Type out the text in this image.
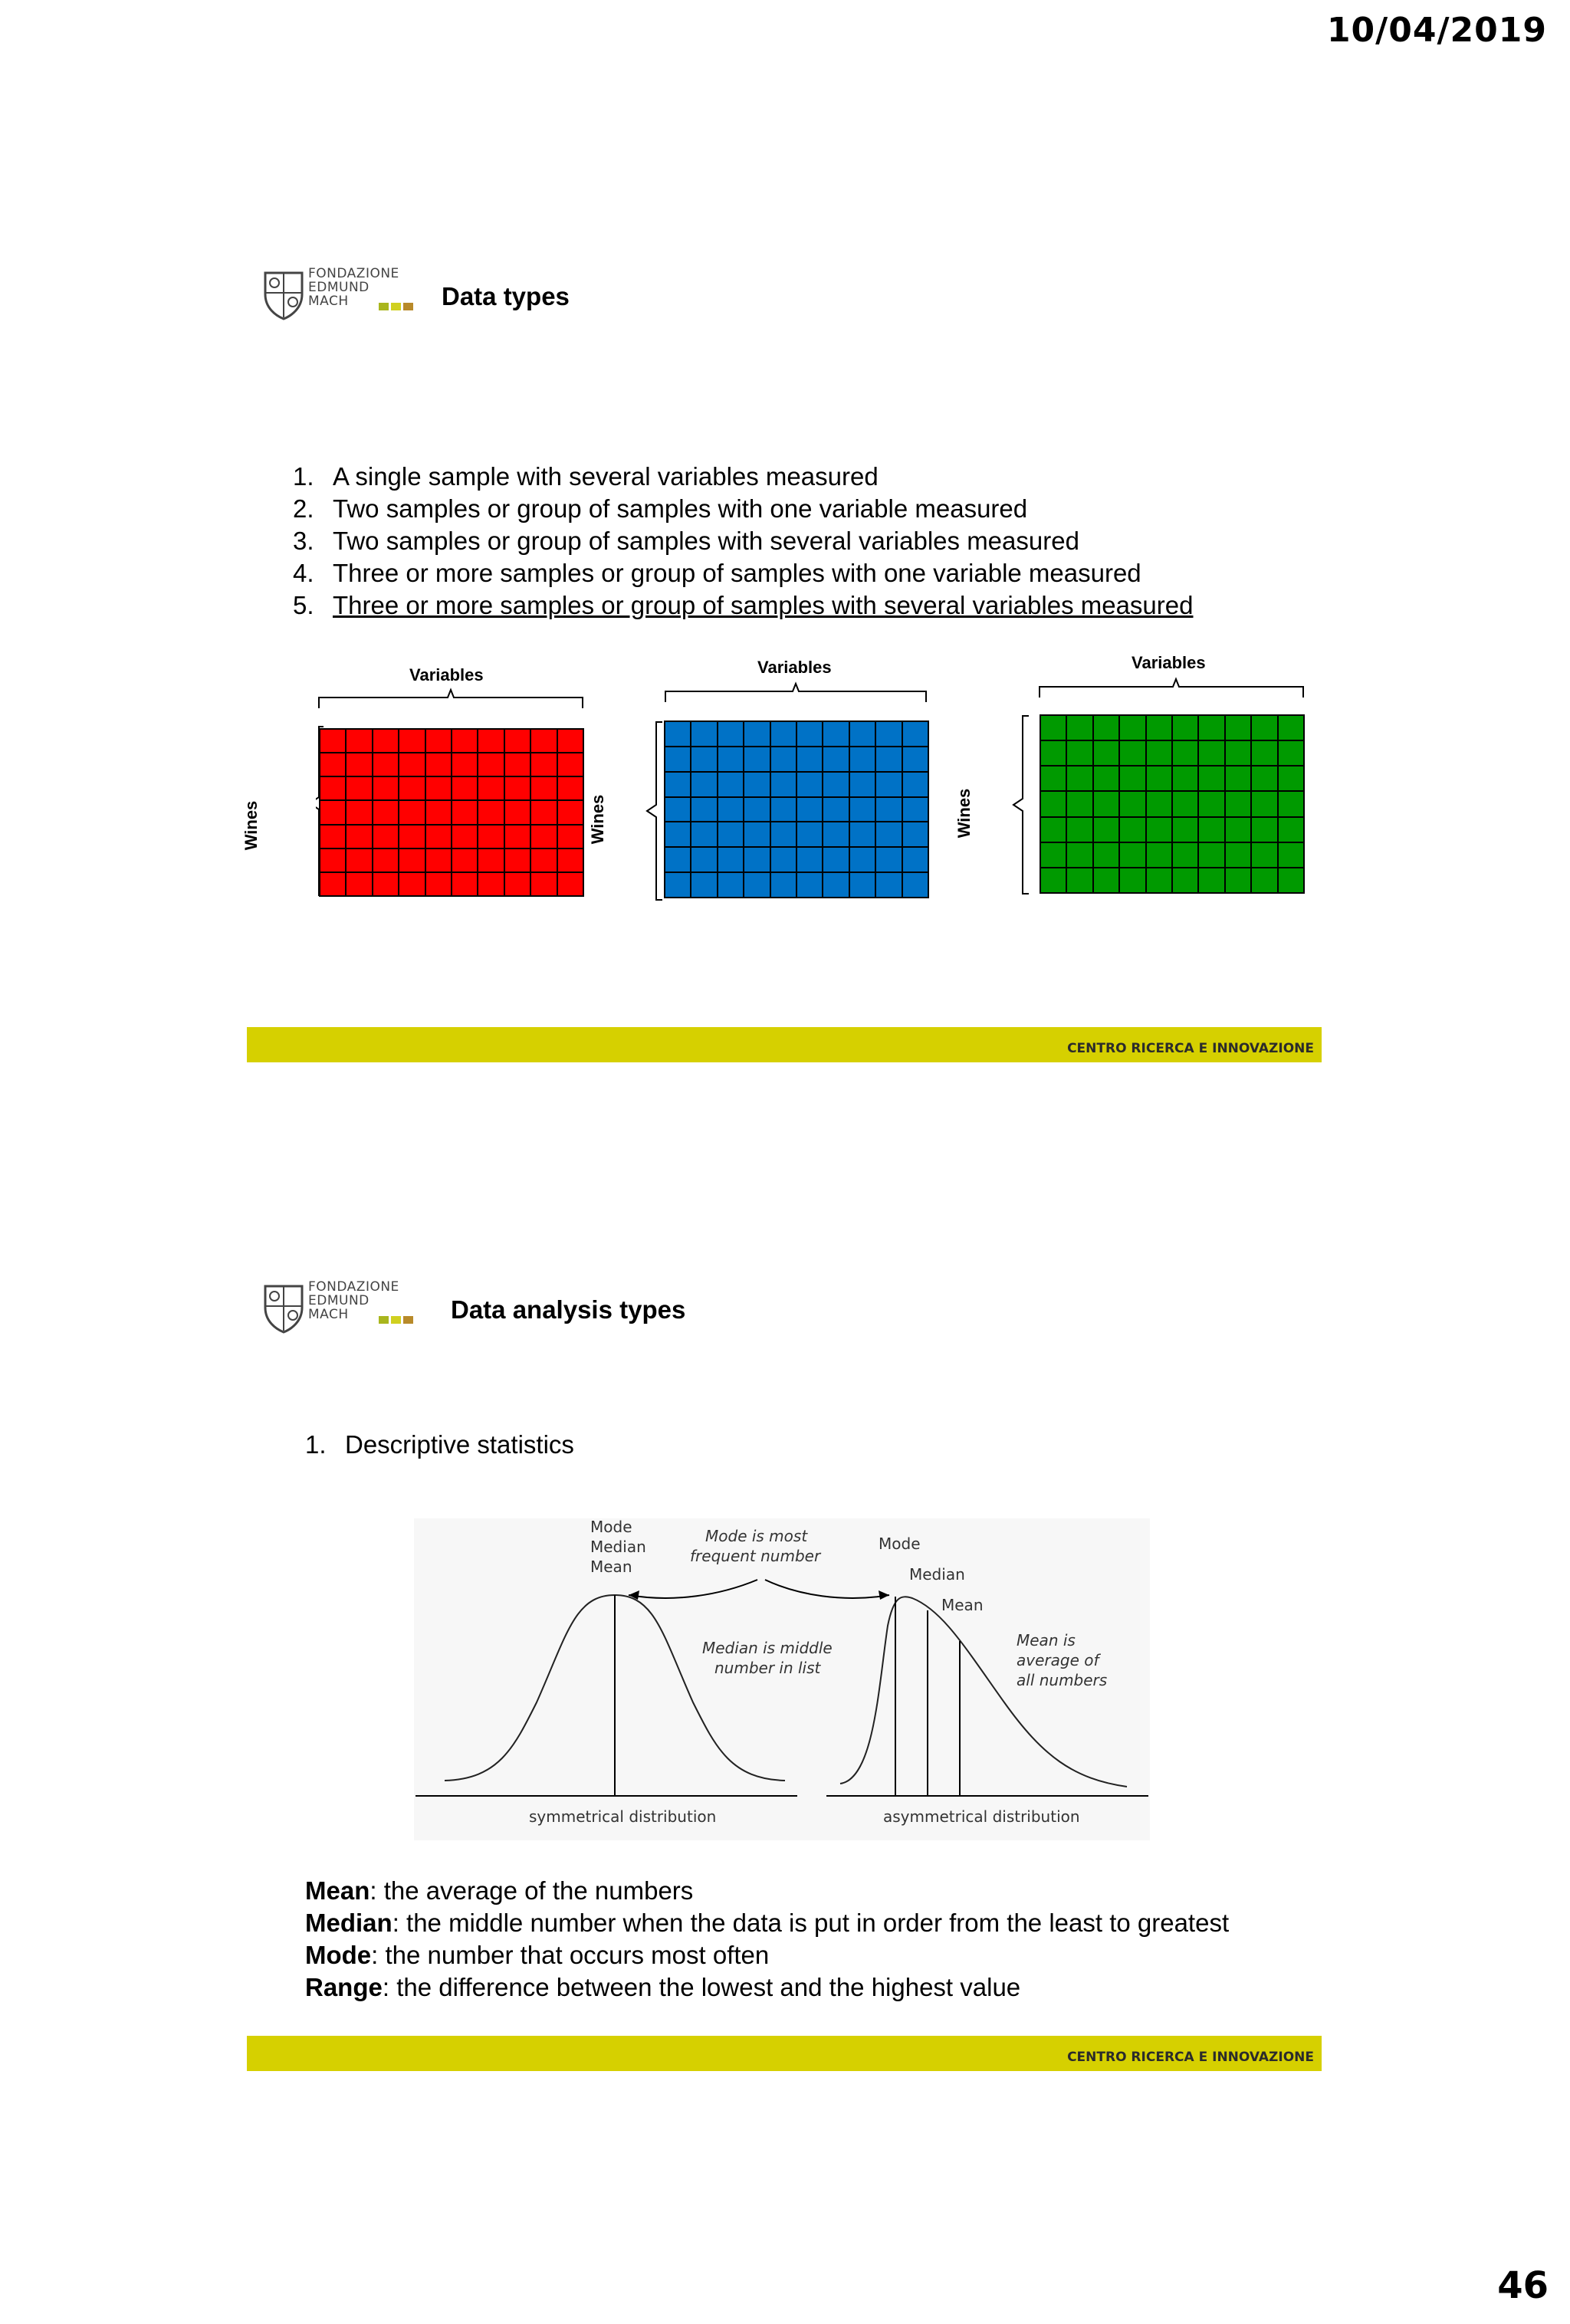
10/04/2019
FONDAZIONE
EDMUND
MACH	Data types
1. A single sample with several variables measured
2. Two samples or group of samples with one variable measured
3. Two samples or group of samples with several variables measured
4. Three or more samples or group of samples with one variable measured
5. Three or more samples or group of samples with several variables measured
Variables
Wines
Variables
Wines
Variables
Wines
CENTRO RICERCA E INNOVAZIONE
FONDAZIONE
EDMUND
MACH	Data analysis types
1. Descriptive statistics
Mode
Median
Mean
Mode is most
frequent number
Median is middle
number in list
Mode
Median
Mean
Mean is
average of
all numbers
symmetrical distribution	asymmetrical distribution
Mean: the average of the numbers
Median: the middle number when the data is put in order from the least to greatest
Mode: the number that occurs most often
Range: the difference between the lowest and the highest value
CENTRO RICERCA E INNOVAZIONE
46
